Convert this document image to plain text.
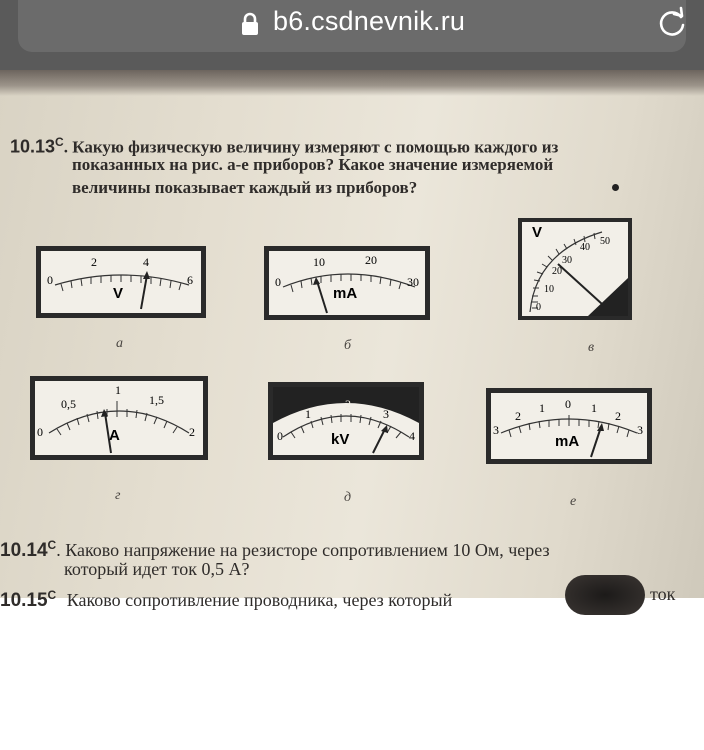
b6.csdnevnik.ru
$10.13^C$. Какую физическую величину измеряют с помощью каждого из
показанных на рис. а-е приборов? Какое значение измеряемой
величины показывает каждый из приборов?
0
2	4
6
V
а
0
10	20
30
mA
б
V
0
10
20
30
40
50
в
0
0,5
1
1,5
2
A
г
0
1
2
3
4
kV
д
3
2
1 0 1
2
3
mA
е
$10.14^C$. Каково напряжение на резисторе сопротивлением 10 Ом, через
который идет ток 0,5 А?
$10.15^C$ Каково сопротивление проводника, через который	ток
